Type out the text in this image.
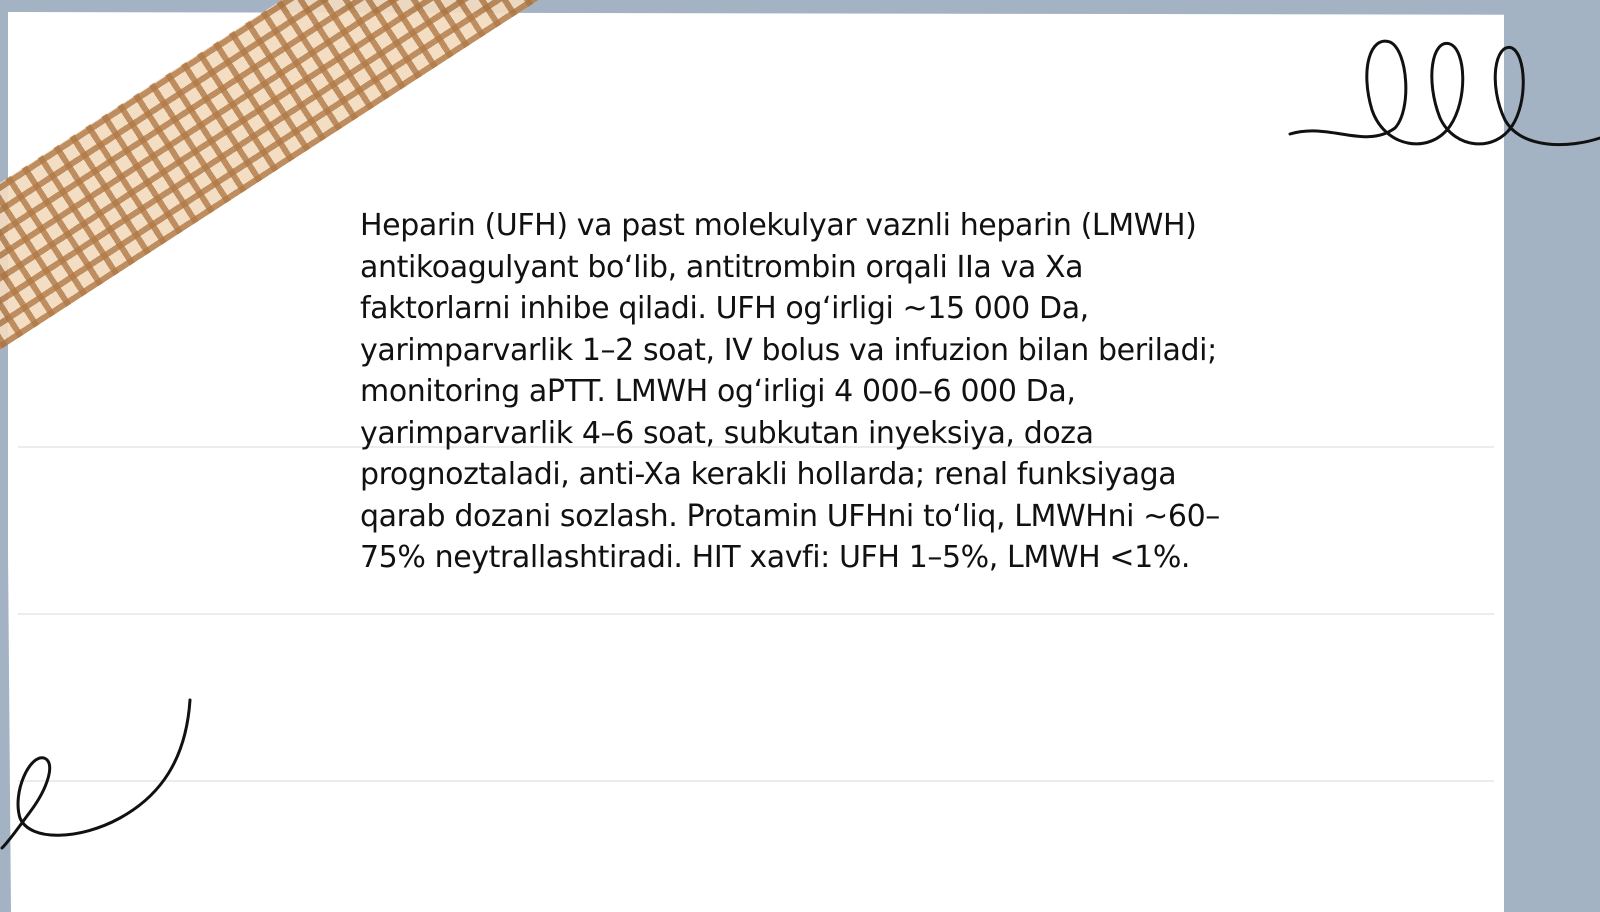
Heparin (UFH) va past molekulyar vaznli heparin (LMWH) antikoagulyant bo‘lib, antitrombin orqali IIa va Xa faktorlarni inhibe qiladi. UFH og‘irligi ~15 000 Da, yarimparvarlik 1–2 soat, IV bolus va infuzion bilan beriladi; monitoring aPTT. LMWH og‘irligi 4 000–6 000 Da, yarimparvarlik 4–6 soat, subkutan inyeksiya, doza prognoztaladi, anti-Xa kerakli hollarda; renal funksiyaga qarab dozani sozlash. Protamin UFHni to‘liq, LMWHni ~60–75% neytrallashtiradi. HIT xavfi: UFH 1–5%, LMWH <1%.
